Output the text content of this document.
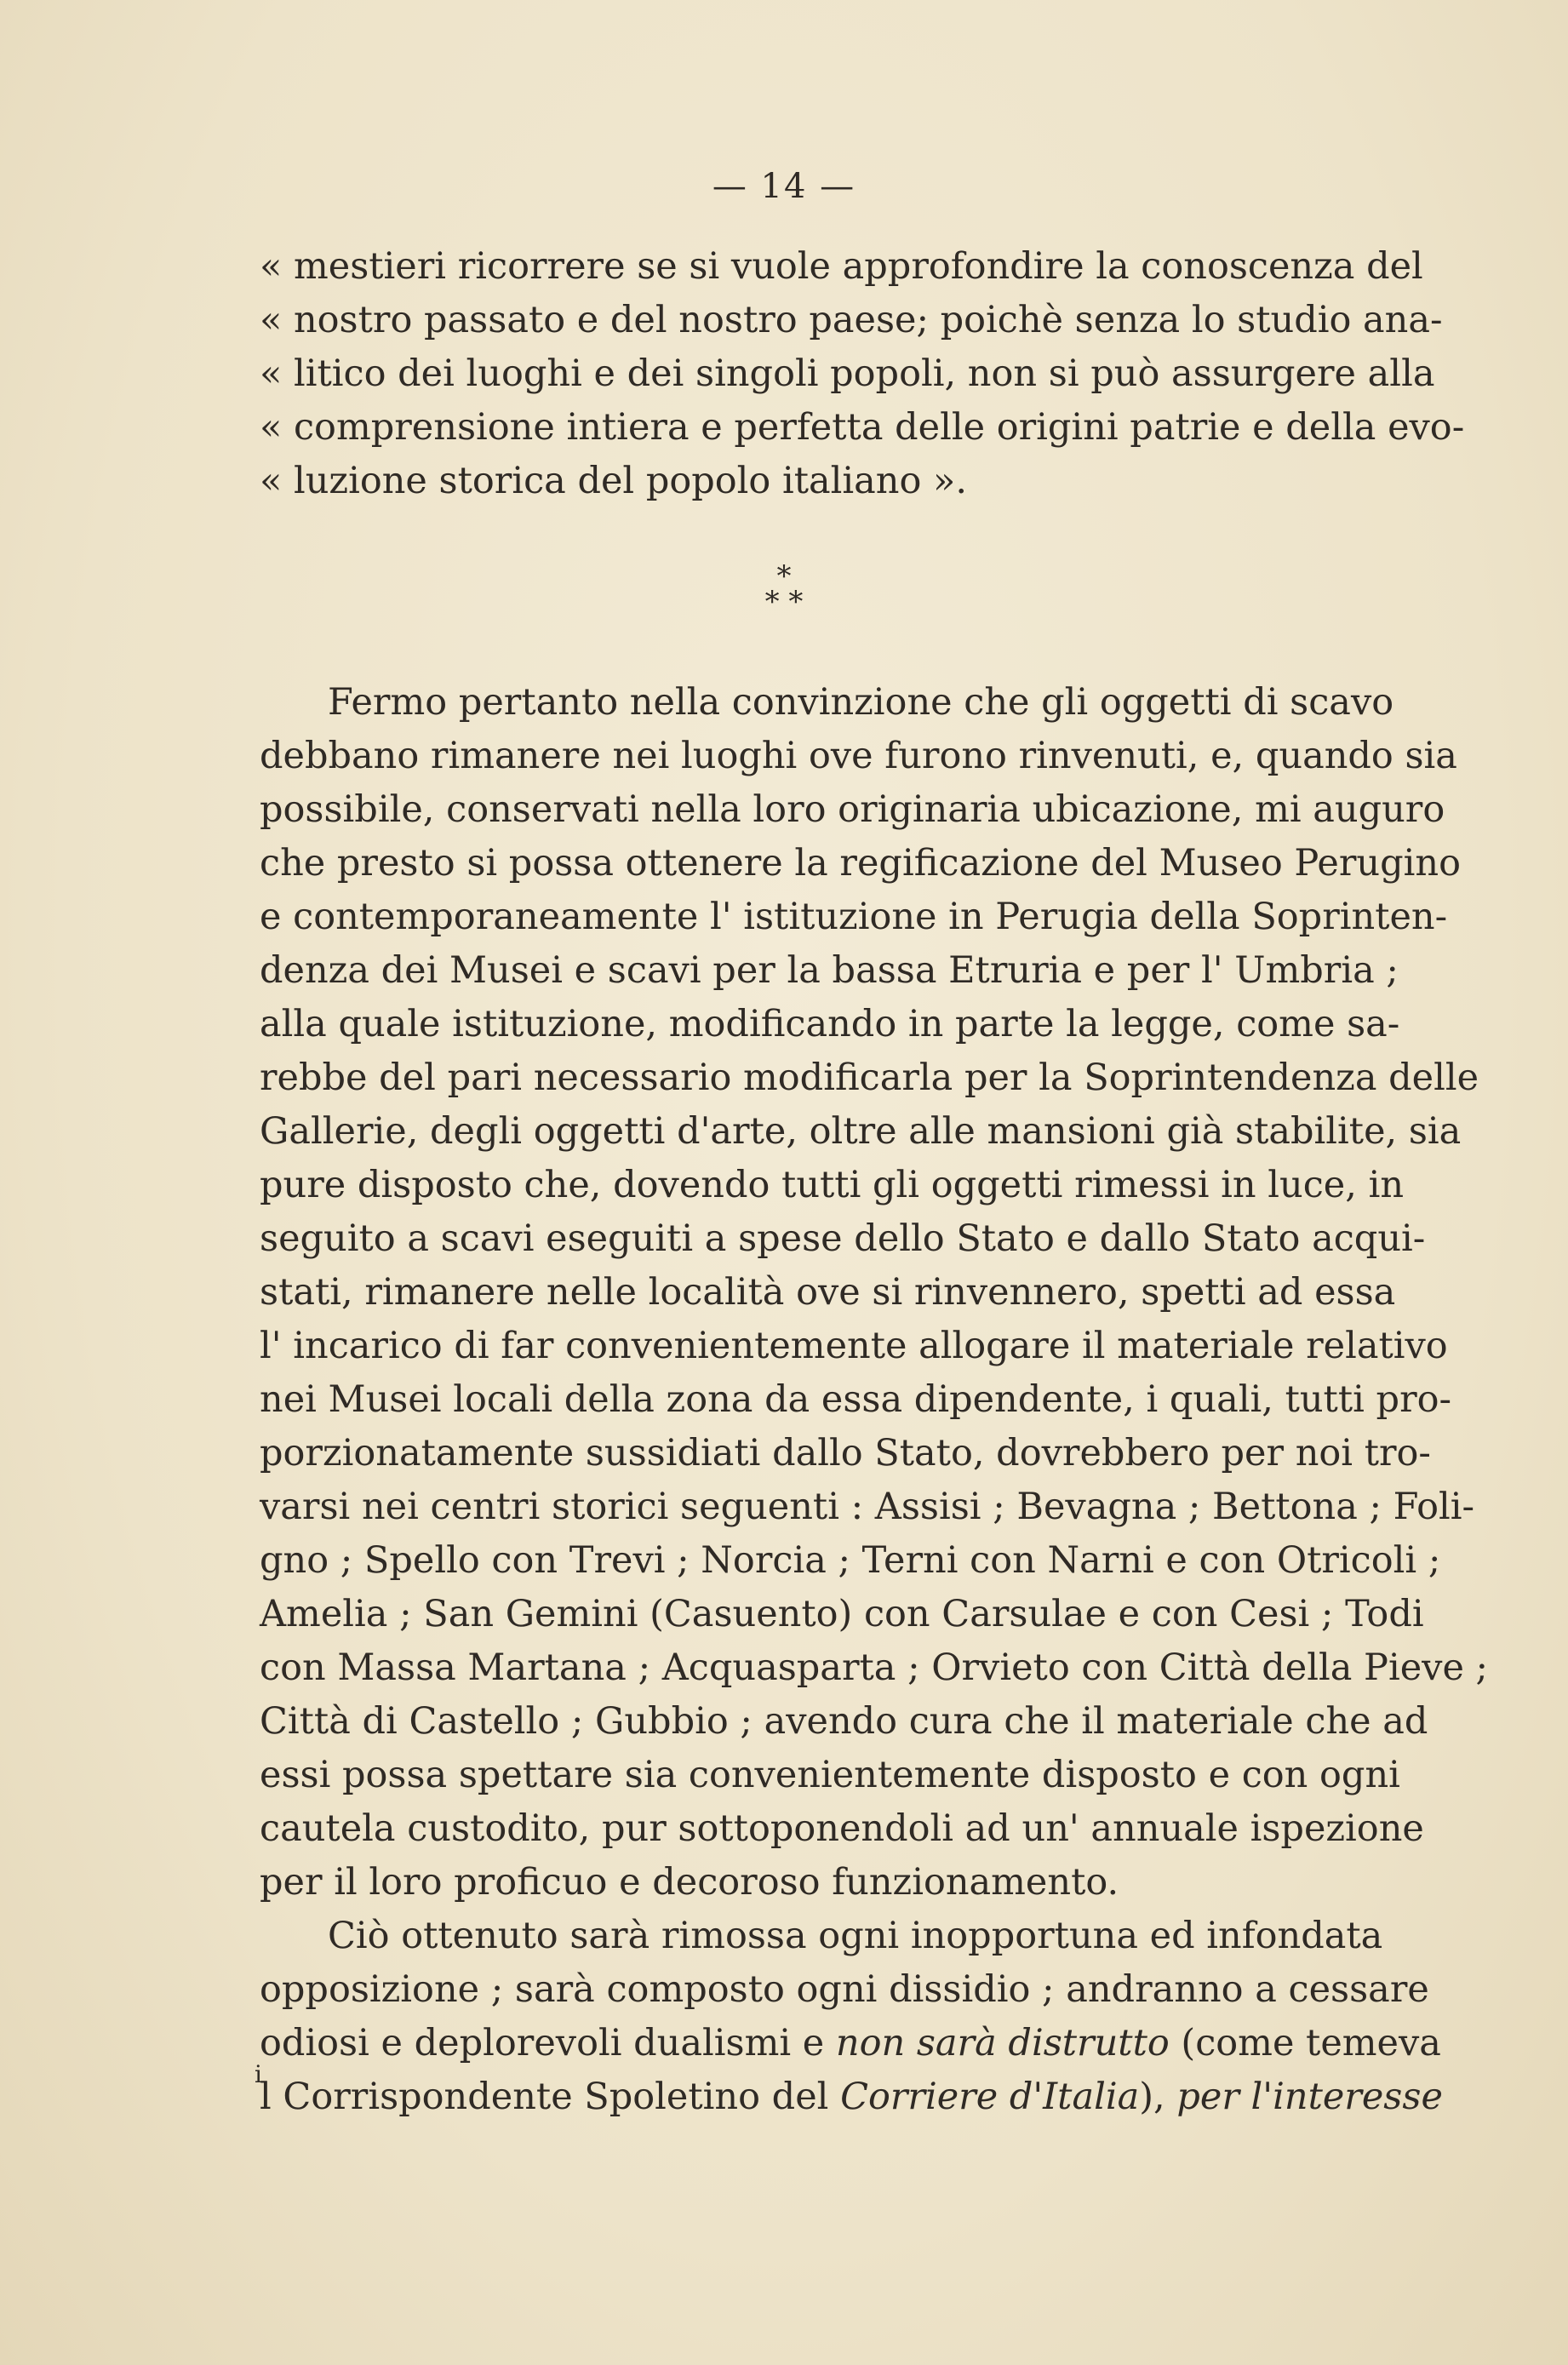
— 14 —
« mestieri ricorrere se si vuole approfondire la conoscenza del
« nostro passato e del nostro paese; poichè senza lo studio ana-
« litico dei luoghi e dei singoli popoli, non si può assurgere alla
« comprensione intiera e perfetta delle origini patrie e della evo-
« luzione storica del popolo italiano ».
*
* *
Fermo pertanto nella convinzione che gli oggetti di scavo
debbano rimanere nei luoghi ove furono rinvenuti, e, quando sia
possibile, conservati nella loro originaria ubicazione, mi auguro
che presto si possa ottenere la regificazione del Museo Perugino
e contemporaneamente l' istituzione in Perugia della Soprinten-
denza dei Musei e scavi per la bassa Etruria e per l' Umbria ;
alla quale istituzione, modificando in parte la legge, come sa-
rebbe del pari necessario modificarla per la Soprintendenza delle
Gallerie, degli oggetti d'arte, oltre alle mansioni già stabilite, sia
pure disposto che, dovendo tutti gli oggetti rimessi in luce, in
seguito a scavi eseguiti a spese dello Stato e dallo Stato acqui-
stati, rimanere nelle località ove si rinvennero, spetti ad essa
l' incarico di far convenientemente allogare il materiale relativo
nei Musei locali della zona da essa dipendente, i quali, tutti pro-
porzionatamente sussidiati dallo Stato, dovrebbero per noi tro-
varsi nei centri storici seguenti : Assisi ; Bevagna ; Bettona ; Foli-
gno ; Spello con Trevi ; Norcia ; Terni con Narni e con Otricoli ;
Amelia ; San Gemini (Casuento) con Carsulae e con Cesi ; Todi
con Massa Martana ; Acquasparta ; Orvieto con Città della Pieve ;
Città di Castello ; Gubbio ; avendo cura che il materiale che ad
essi possa spettare sia convenientemente disposto e con ogni
cautela custodito, pur sottoponendoli ad un' annuale ispezione
per il loro proficuo e decoroso funzionamento.
Ciò ottenuto sarà rimossa ogni inopportuna ed infondata
opposizione ; sarà composto ogni dissidio ; andranno a cessare
odiosi e deplorevoli dualismi e non sarà distrutto (come temeva
l Corrispondente Spoletino del Corriere d'Italia), per l'interesse
i
